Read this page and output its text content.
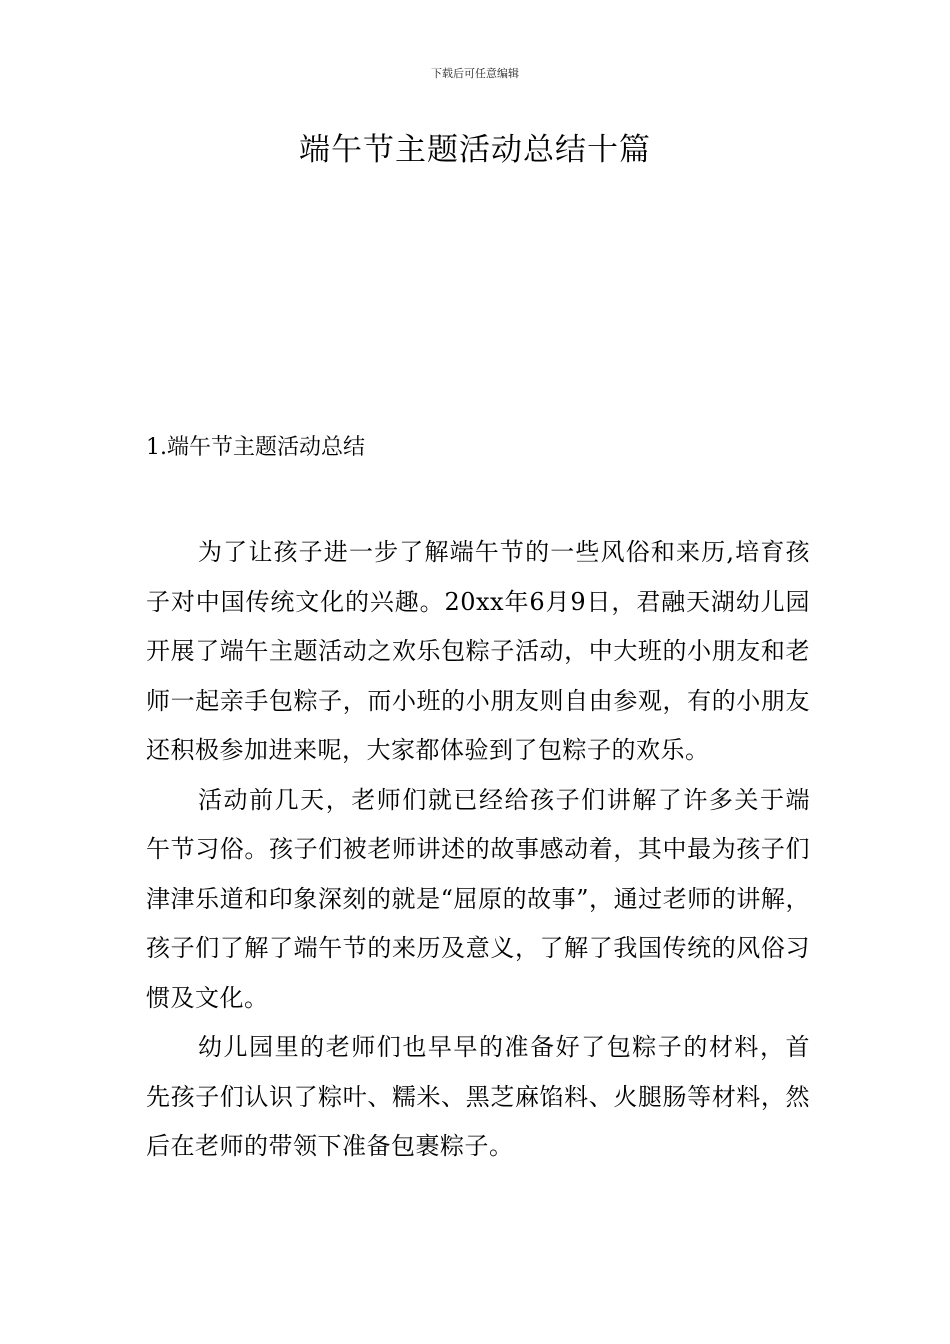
下载后可任意编辑
端午节主题活动总结十篇
1.端午节主题活动总结

为了让孩子进一步了解端午节的一些风俗和来历,培育孩子对中国传统文化的兴趣。20xx年6月9日，君融天湖幼儿园开展了端午主题活动之欢乐包粽子活动，中大班的小朋友和老师一起亲手包粽子，而小班的小朋友则自由参观，有的小朋友还积极参加进来呢，大家都体验到了包粽子的欢乐。

活动前几天，老师们就已经给孩子们讲解了许多关于端午节习俗。孩子们被老师讲述的故事感动着，其中最为孩子们津津乐道和印象深刻的就是“屈原的故事”，通过老师的讲解，孩子们了解了端午节的来历及意义，了解了我国传统的风俗习惯及文化。

幼儿园里的老师们也早早的准备好了包粽子的材料，首先孩子们认识了粽叶、糯米、黑芝麻馅料、火腿肠等材料，然后在老师的带领下准备包裹粽子。
